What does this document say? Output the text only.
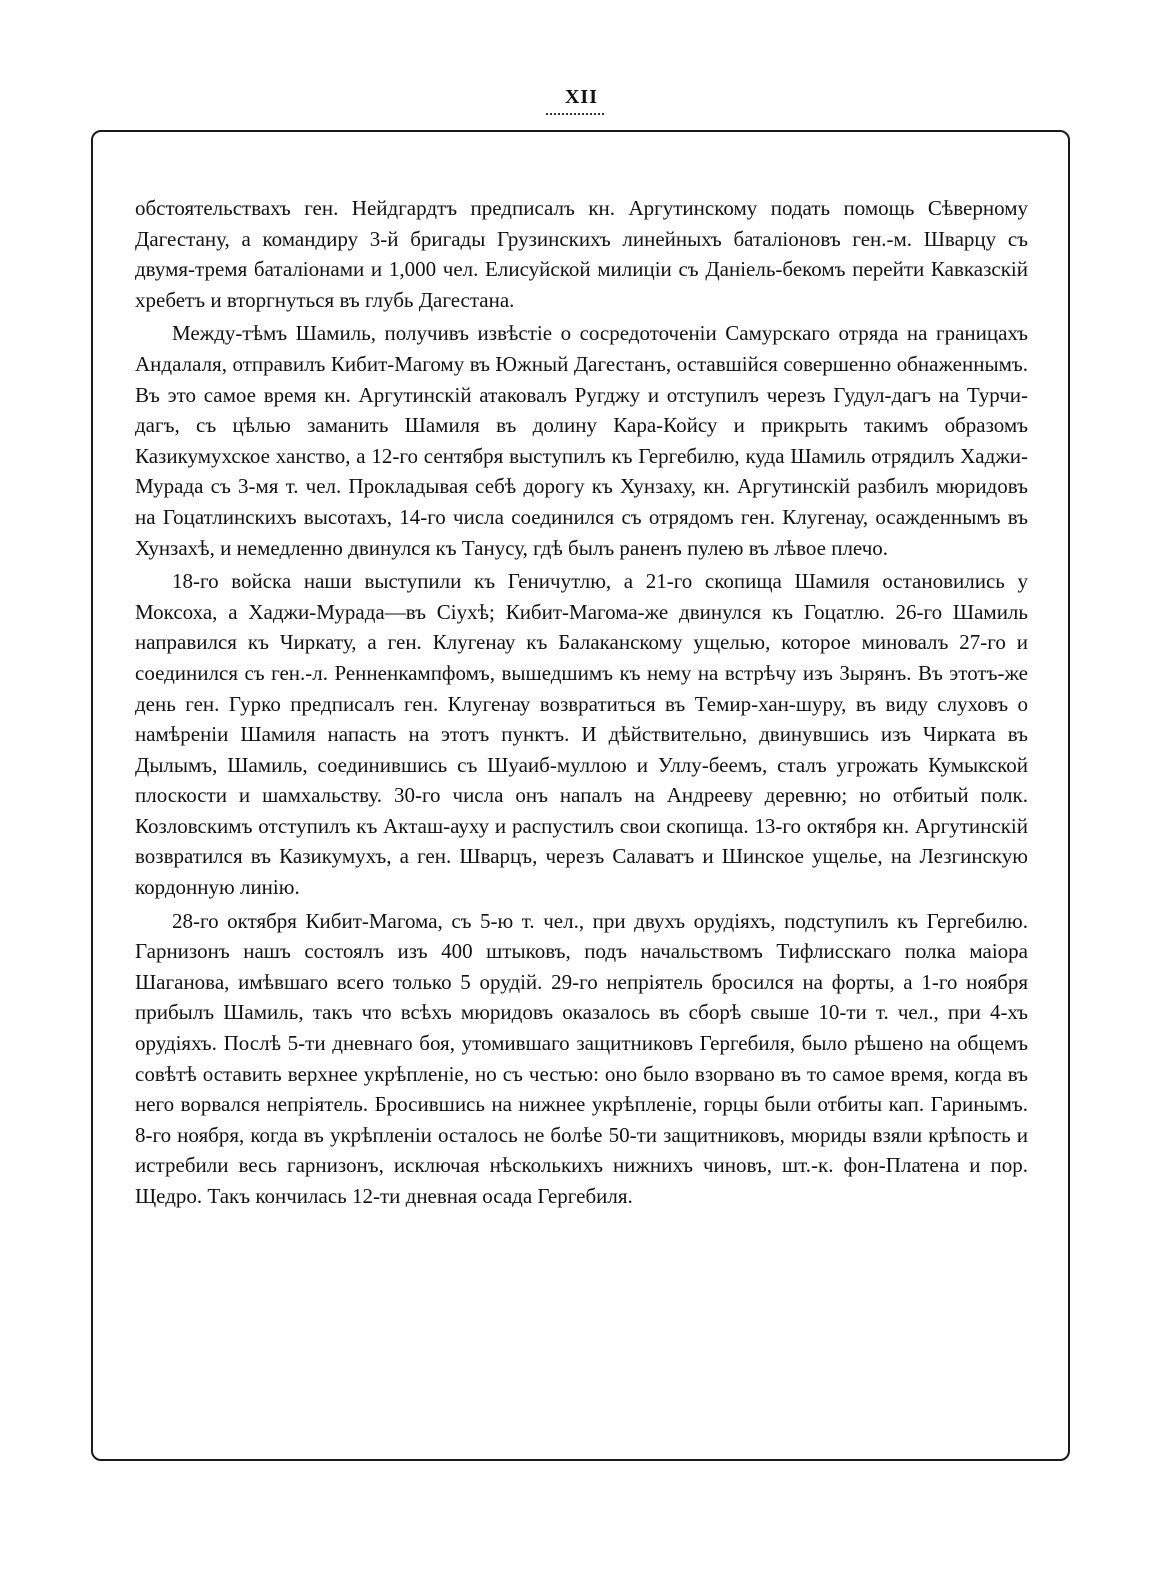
XII

обстоятельствахъ ген. Нейдгардтъ предписалъ кн. Аргутинскому подать помощь Сѣверному Дагестану, а командиру 3-й бригады Грузинскихъ линейныхъ баталіоновъ ген.-м. Шварцу съ двумя-тремя баталіонами и 1,000 чел. Елисуйской милиціи съ Даніель-бекомъ перейти Кавказскій хребетъ и вторгнуться въ глубь Дагестана.

Между-тѣмъ Шамиль, получивъ извѣстіе о сосредоточеніи Самурскаго отряда на границахъ Андалаля, отправилъ Кибит-Магому въ Южный Дагестанъ, оставшійся совершенно обнаженнымъ. Въ это самое время кн. Аргутинскій атаковалъ Ругджу и отступилъ черезъ Гудул-дагъ на Турчи-дагъ, съ цѣлью заманить Шамиля въ долину Кара-Койсу и прикрыть такимъ образомъ Казикумухское ханство, а 12-го сентября выступилъ къ Гергебилю, куда Шамиль отрядилъ Хаджи-Мурада съ 3-мя т. чел. Прокладывая себѣ дорогу къ Хунзаху, кн. Аргутинскій разбилъ мюридовъ на Гоцатлинскихъ высотахъ, 14-го числа соединился съ отрядомъ ген. Клугенау, осажденнымъ въ Хунзахѣ, и немедленно двинулся къ Танусу, гдѣ былъ раненъ пулею въ лѣвое плечо.

18-го войска наши выступили къ Геничутлю, а 21-го скопища Шамиля остановились у Моксоха, а Хаджи-Мурада—въ Сіухѣ; Кибит-Магома-же двинулся къ Гоцатлю. 26-го Шамиль направился къ Чиркату, а ген. Клугенау къ Балаканскому ущелью, которое миновалъ 27-го и соединился съ ген.-л. Ренненкампфомъ, вышедшимъ къ нему на встрѣчу изъ Зырянъ. Въ этотъ-же день ген. Гурко предписалъ ген. Клугенау возвратиться въ Темир-хан-шуру, въ виду слуховъ о намѣреніи Шамиля напасть на этотъ пунктъ. И дѣйствительно, двинувшись изъ Чирката въ Дылымъ, Шамиль, соединившись съ Шуаиб-муллою и Уллу-беемъ, сталъ угрожать Кумыкской плоскости и шамхальству. 30-го числа онъ напалъ на Андрееву деревню; но отбитый полк. Козловскимъ отступилъ къ Акташ-ауху и распустилъ свои скопища. 13-го октября кн. Аргутинскій возвратился въ Казикумухъ, а ген. Шварцъ, черезъ Салаватъ и Шинское ущелье, на Лезгинскую кордонную линію.

28-го октября Кибит-Магома, съ 5-ю т. чел., при двухъ орудіяхъ, подступилъ къ Гергебилю. Гарнизонъ нашъ состоялъ изъ 400 штыковъ, подъ начальствомъ Тифлисскаго полка маіора Шаганова, имѣвшаго всего только 5 орудій. 29-го непріятель бросился на форты, а 1-го ноября прибылъ Шамиль, такъ что всѣхъ мюридовъ оказалось въ сборѣ свыше 10-ти т. чел., при 4-хъ орудіяхъ. Послѣ 5-ти дневнаго боя, утомившаго защитниковъ Гергебиля, было рѣшено на общемъ совѣтѣ оставить верхнее укрѣпленіе, но съ честью: оно было взорвано въ то самое время, когда въ него ворвался непріятель. Бросившись на нижнее укрѣпленіе, горцы были отбиты кап. Гаринымъ. 8-го ноября, когда въ укрѣпленіи осталось не болѣе 50-ти защитниковъ, мюриды взяли крѣпость и истребили весь гарнизонъ, исключая нѣсколькихъ нижнихъ чиновъ, шт.-к. фон-Платена и пор. Щедро. Такъ кончилась 12-ти дневная осада Гергебиля.
